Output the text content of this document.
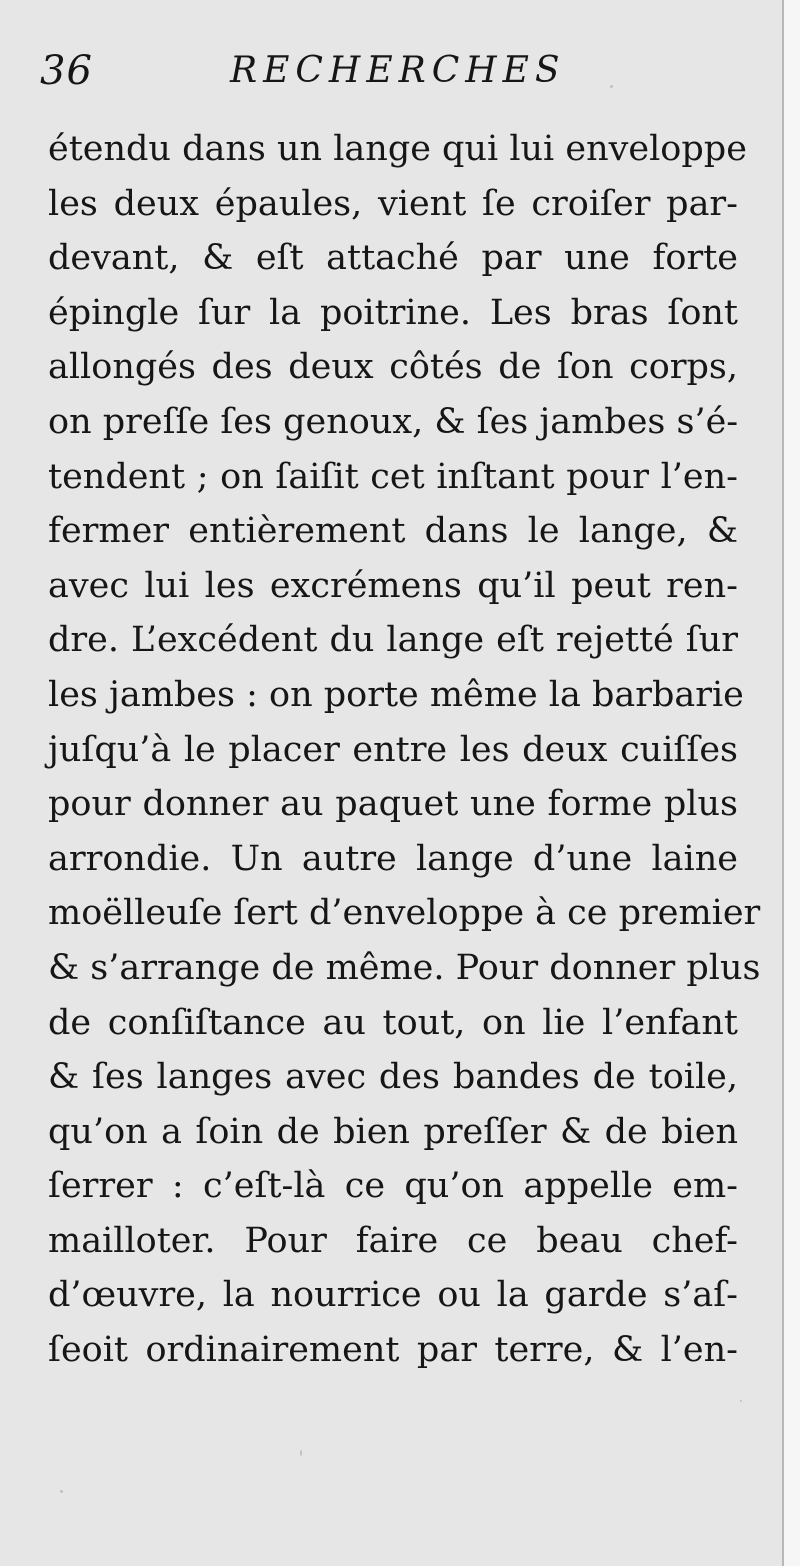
36	RECHERCHES
étendu dans un lange qui lui enveloppe
les deux épaules, vient ſe croiſer par-
devant, & eſt attaché par une forte
épingle ſur la poitrine. Les bras ſont
allongés des deux côtés de ſon corps,
on preſſe ſes genoux, & ſes jambes s’é-
tendent ; on ſaiſit cet inſtant pour l’en-
fermer entièrement dans le lange, &
avec lui les excrémens qu’il peut ren-
dre. L’excédent du lange eſt rejetté ſur
les jambes : on porte même la barbarie
juſqu’à le placer entre les deux cuiſſes
pour donner au paquet une forme plus
arrondie. Un autre lange d’une laine
moëlleuſe ſert d’enveloppe à ce premier
& s’arrange de même. Pour donner plus
de conſiſtance au tout, on lie l’enfant
& ſes langes avec des bandes de toile,
qu’on a ſoin de bien preſſer & de bien
ſerrer : c’eſt-là ce qu’on appelle em-
mailloter. Pour faire ce beau chef-
d’œuvre, la nourrice ou la garde s’aſ-
ſeoit ordinairement par terre, & l’en-
